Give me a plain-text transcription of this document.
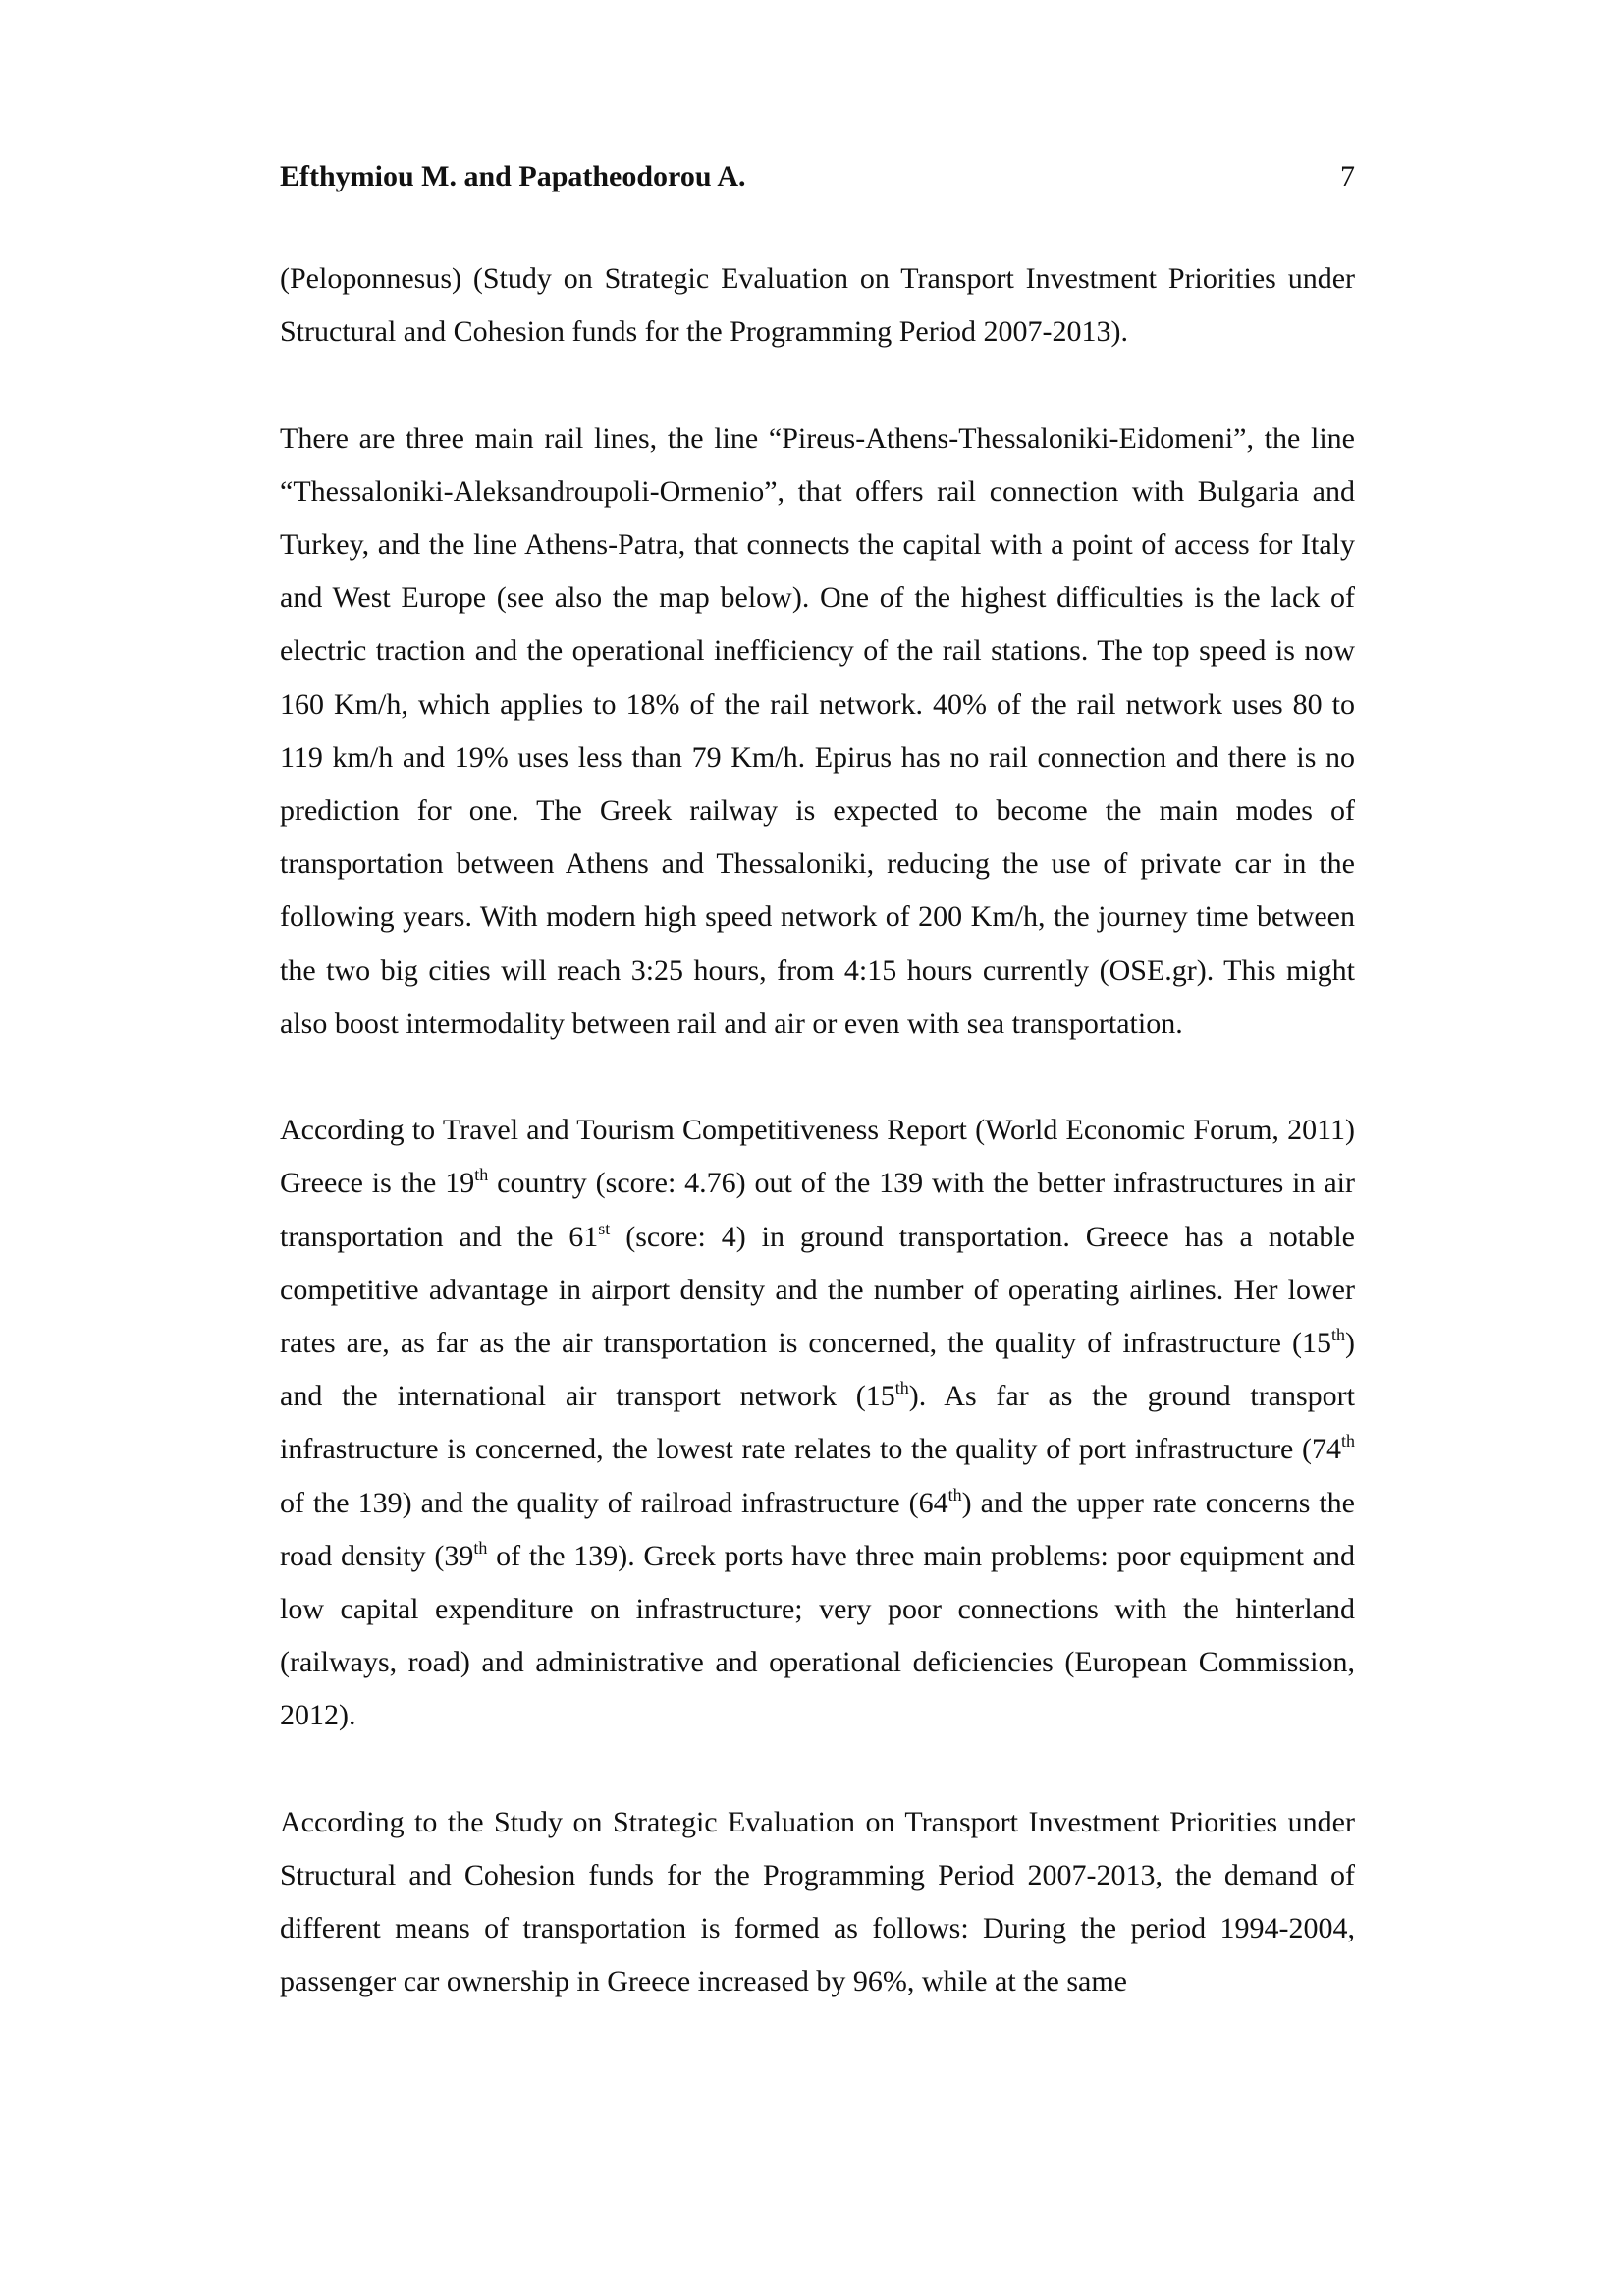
Efthymiou M. and Papatheodorou A.	7

(Peloponnesus) (Study on Strategic Evaluation on Transport Investment Priorities under Structural and Cohesion funds for the Programming Period 2007-2013).

There are three main rail lines, the line “Pireus-Athens-Thessaloniki-Eidomeni”, the line “Thessaloniki-Aleksandroupoli-Ormenio”, that offers rail connection with Bulgaria and Turkey, and the line Athens-Patra, that connects the capital with a point of access for Italy and West Europe (see also the map below). One of the highest difficulties is the lack of electric traction and the operational inefficiency of the rail stations. The top speed is now 160 Km/h, which applies to 18% of the rail network. 40% of the rail network uses 80 to 119 km/h and 19% uses less than 79 Km/h. Epirus has no rail connection and there is no prediction for one. The Greek railway is expected to become the main modes of transportation between Athens and Thessaloniki, reducing the use of private car in the following years. With modern high speed network of 200 Km/h, the journey time between the two big cities will reach 3:25 hours, from 4:15 hours currently (OSE.gr). This might also boost intermodality between rail and air or even with sea transportation.

According to Travel and Tourism Competitiveness Report (World Economic Forum, 2011) Greece is the 19th country (score: 4.76) out of the 139 with the better infrastructures in air transportation and the 61st (score: 4) in ground transportation. Greece has a notable competitive advantage in airport density and the number of operating airlines. Her lower rates are, as far as the air transportation is concerned, the quality of infrastructure (15th) and the international air transport network (15th). As far as the ground transport infrastructure is concerned, the lowest rate relates to the quality of port infrastructure (74th of the 139) and the quality of railroad infrastructure (64th) and the upper rate concerns the road density (39th of the 139). Greek ports have three main problems: poor equipment and low capital expenditure on infrastructure; very poor connections with the hinterland (railways, road) and administrative and operational deficiencies (European Commission, 2012).

According to the Study on Strategic Evaluation on Transport Investment Priorities under Structural and Cohesion funds for the Programming Period 2007-2013, the demand of different means of transportation is formed as follows: During the period 1994-2004, passenger car ownership in Greece increased by 96%, while at the same
